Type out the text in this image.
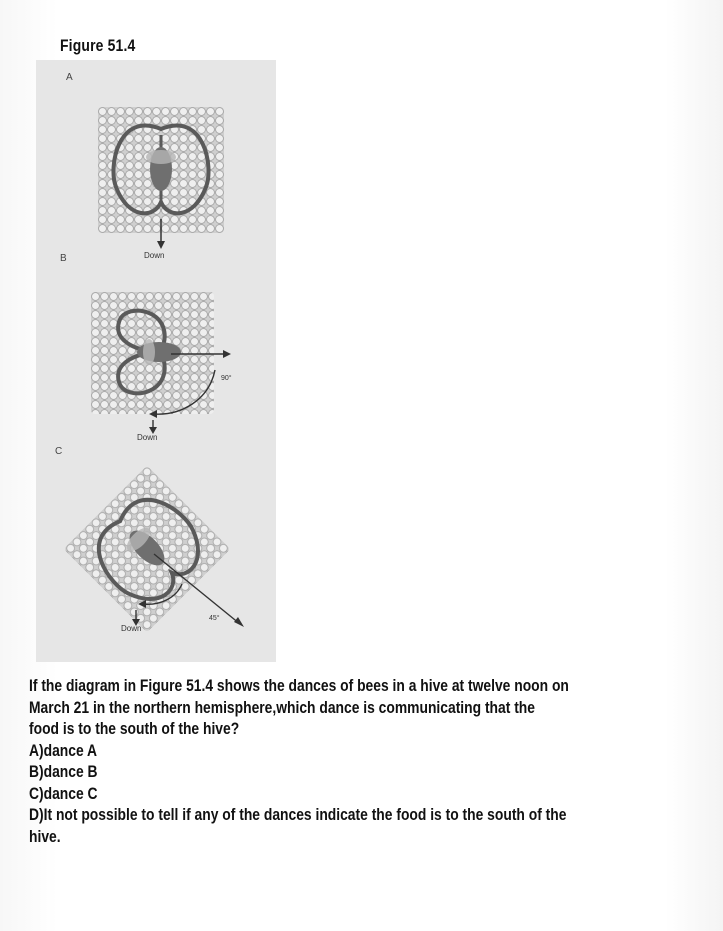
Figure 51.4
A
Down
B
90°
Down
C
45°
Down

If the diagram in Figure 51.4 shows the dances of bees in a hive at twelve noon on
March 21 in the northern hemisphere,which dance is communicating that the
food is to the south of the hive?

A)dance A
B)dance B
C)dance C
D)It not possible to tell if any of the dances indicate the food is to the south of the
hive.
